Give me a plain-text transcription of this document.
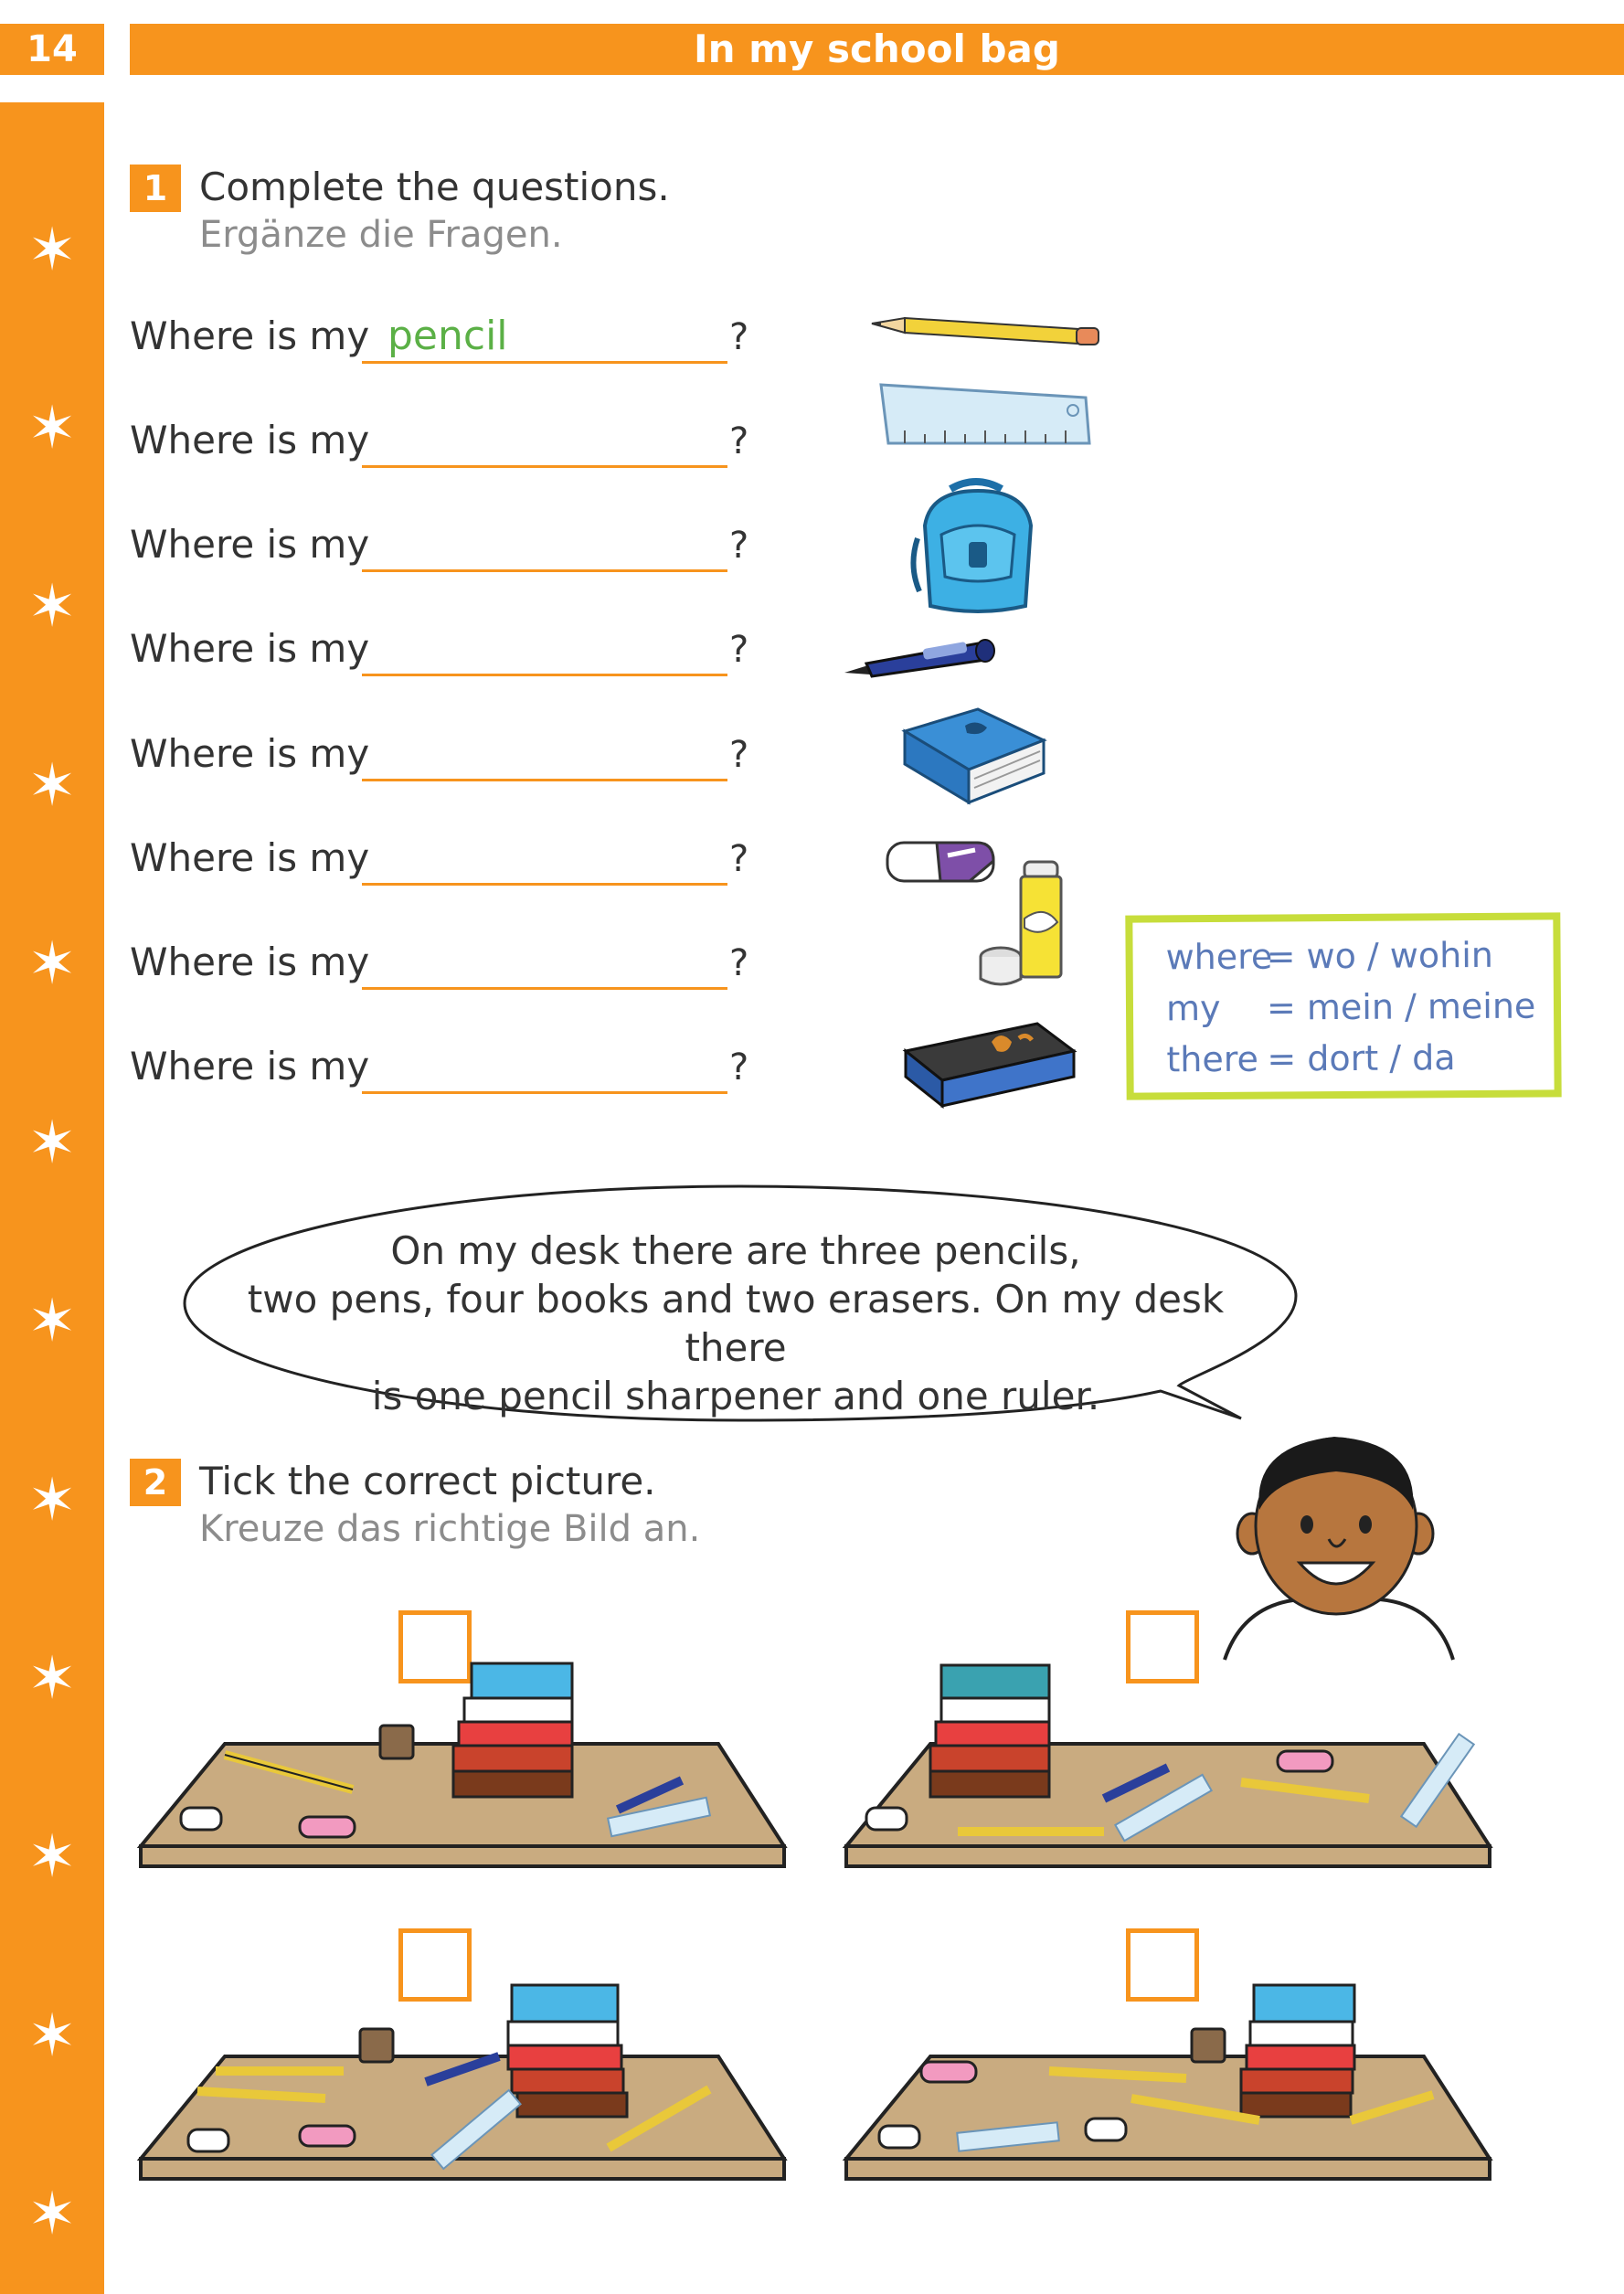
14	In my school bag
✶
✶
✶
✶
✶
✶
✶
✶
✶
✶
✶
✶
1 Complete the questions.
Ergänze die Fragen.
Where is my pencil	?
Where is my	?
Where is my	?
Where is my	?
Where is my	?
Where is my	?
Where is my	?
Where is my	?
where= wo / wohin
my = mein / meine
there = dort / da
On my desk there are three pencils,
two pens, four books and two erasers. On my desk there
is one pencil sharpener and one ruler.
2 Tick the correct picture.
Kreuze das richtige Bild an.
